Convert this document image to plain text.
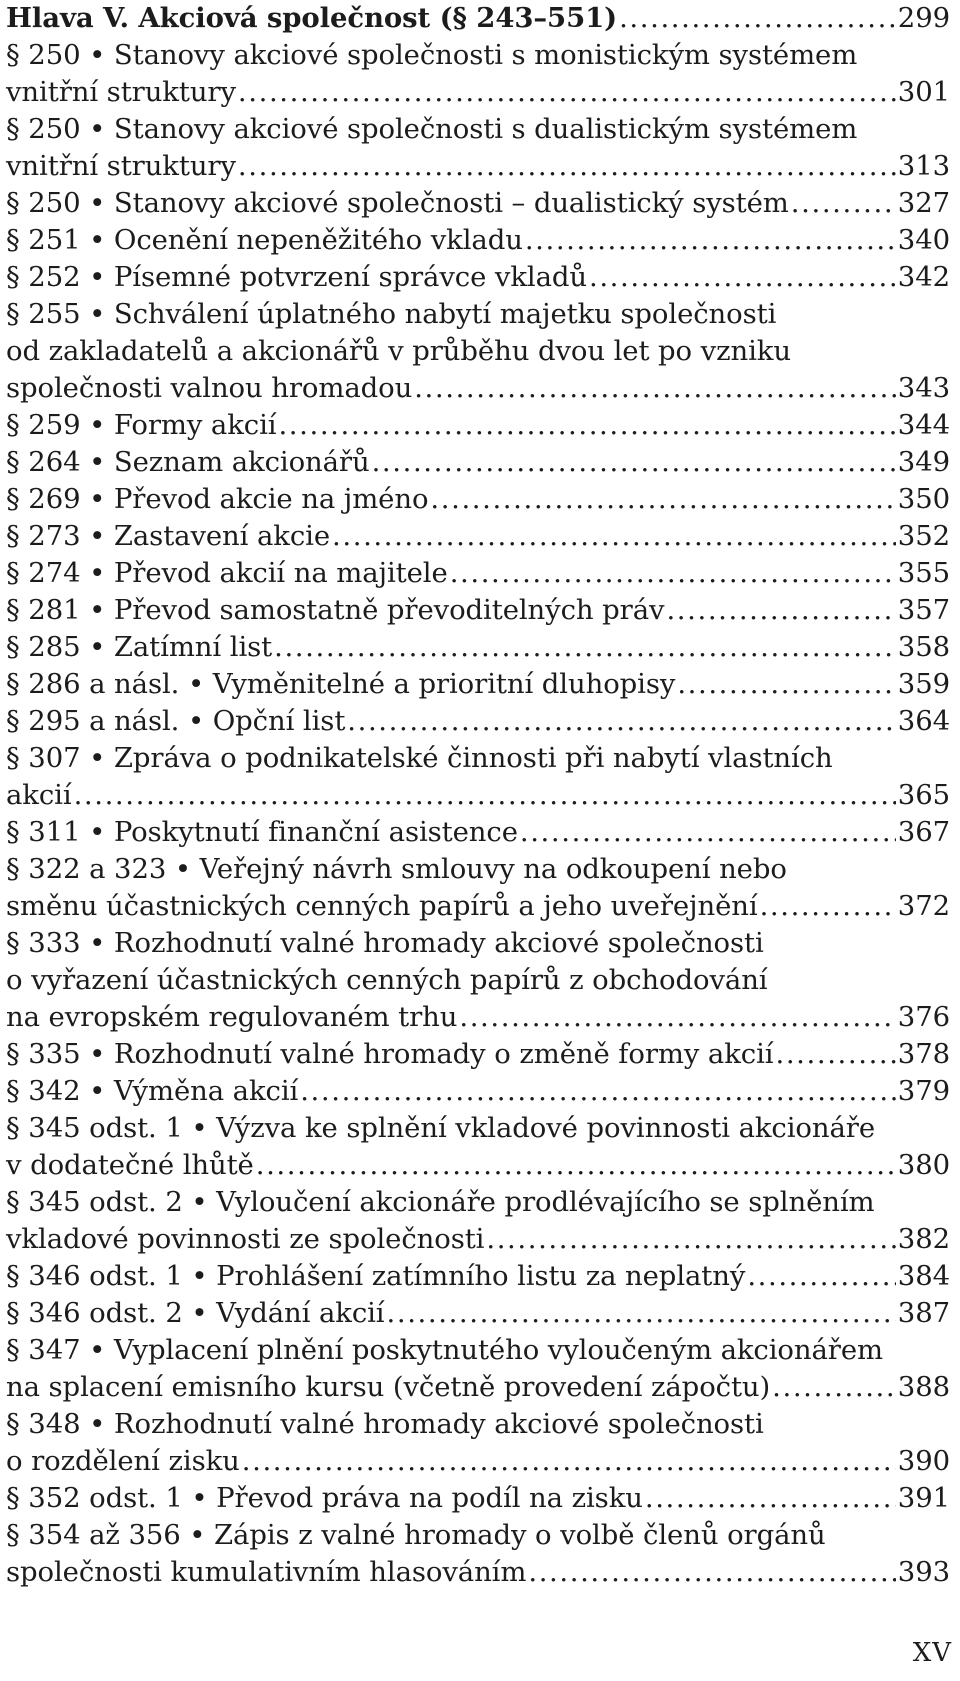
Hlava V. Akciová společnost (§ 243–551) .....	299
§ 250 • Stanovy akciové společnosti s monistickým systémem
vnitřní struktury .....	301
§ 250 • Stanovy akciové společnosti s dualistickým systémem
vnitřní struktury .....	313
§ 250 • Stanovy akciové společnosti – dualistický systém .....	327
§ 251 • Ocenění nepeněžitého vkladu .....	340
§ 252 • Písemné potvrzení správce vkladů .....	342
§ 255 • Schválení úplatného nabytí majetku společnosti
od zakladatelů a akcionářů v průběhu dvou let po vzniku
společnosti valnou hromadou .....	343
§ 259 • Formy akcií .....	344
§ 264 • Seznam akcionářů .....	349
§ 269 • Převod akcie na jméno .....	350
§ 273 • Zastavení akcie .....	352
§ 274 • Převod akcií na majitele .....	355
§ 281 • Převod samostatně převoditelných práv .....	357
§ 285 • Zatímní list .....	358
§ 286 a násl. • Vyměnitelné a prioritní dluhopisy .....	359
§ 295 a násl. • Opční list .....	364
§ 307 • Zpráva o podnikatelské činnosti při nabytí vlastních
akcií .....	365
§ 311 • Poskytnutí finanční asistence .....	367
§ 322 a 323 • Veřejný návrh smlouvy na odkoupení nebo
směnu účastnických cenných papírů a jeho uveřejnění .....	372
§ 333 • Rozhodnutí valné hromady akciové společnosti
o vyřazení účastnických cenných papírů z obchodování
na evropském regulovaném trhu .....	376
§ 335 • Rozhodnutí valné hromady o změně formy akcií .....	378
§ 342 • Výměna akcií .....	379
§ 345 odst. 1 • Výzva ke splnění vkladové povinnosti akcionáře
v dodatečné lhůtě .....	380
§ 345 odst. 2 • Vyloučení akcionáře prodlévajícího se splněním
vkladové povinnosti ze společnosti .....	382
§ 346 odst. 1 • Prohlášení zatímního listu za neplatný .....	384
§ 346 odst. 2 • Vydání akcií .....	387
§ 347 • Vyplacení plnění poskytnutého vyloučeným akcionářem
na splacení emisního kursu (včetně provedení zápočtu) .....	388
§ 348 • Rozhodnutí valné hromady akciové společnosti
o rozdělení zisku .....	390
§ 352 odst. 1 • Převod práva na podíl na zisku .....	391
§ 354 až 356 • Zápis z valné hromady o volbě členů orgánů
společnosti kumulativním hlasováním .....	393
XV
